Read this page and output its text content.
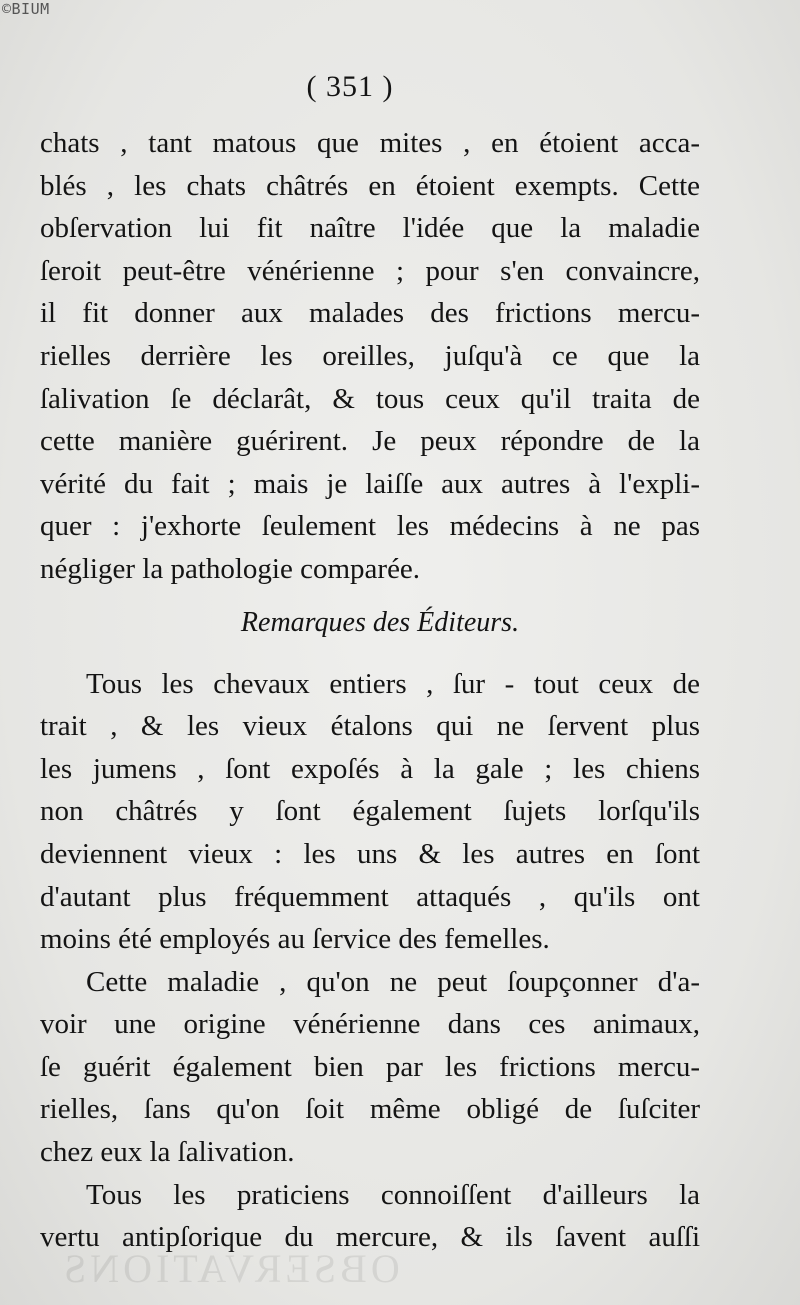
©BIUM
( 351 )
chats , tant matous que mites , en étoient acca-
blés , les chats châtrés en étoient exempts. Cette
obſervation lui fit naître l'idée que la maladie
ſeroit peut-être vénérienne ; pour s'en convaincre,
il fit donner aux malades des frictions mercu-
rielles derrière les oreilles, juſqu'à ce que la
ſalivation ſe déclarât, & tous ceux qu'il traita de
cette manière guérirent. Je peux répondre de la
vérité du fait ; mais je laiſſe aux autres à l'expli-
quer : j'exhorte ſeulement les médecins à ne pas
négliger la pathologie comparée.
Remarques des Éditeurs.
Tous les chevaux entiers , ſur - tout ceux de
trait , & les vieux étalons qui ne ſervent plus
les jumens , ſont expoſés à la gale ; les chiens
non châtrés y ſont également ſujets lorſqu'ils
deviennent vieux : les uns & les autres en ſont
d'autant plus fréquemment attaqués , qu'ils ont
moins été employés au ſervice des femelles.
Cette maladie , qu'on ne peut ſoupçonner d'a-
voir une origine vénérienne dans ces animaux,
ſe guérit également bien par les frictions mercu-
rielles, ſans qu'on ſoit même obligé de ſuſciter
chez eux la ſalivation.
Tous les praticiens connoiſſent d'ailleurs la
vertu antipſorique du mercure, & ils ſavent auſſi
OBSERVATIONS
